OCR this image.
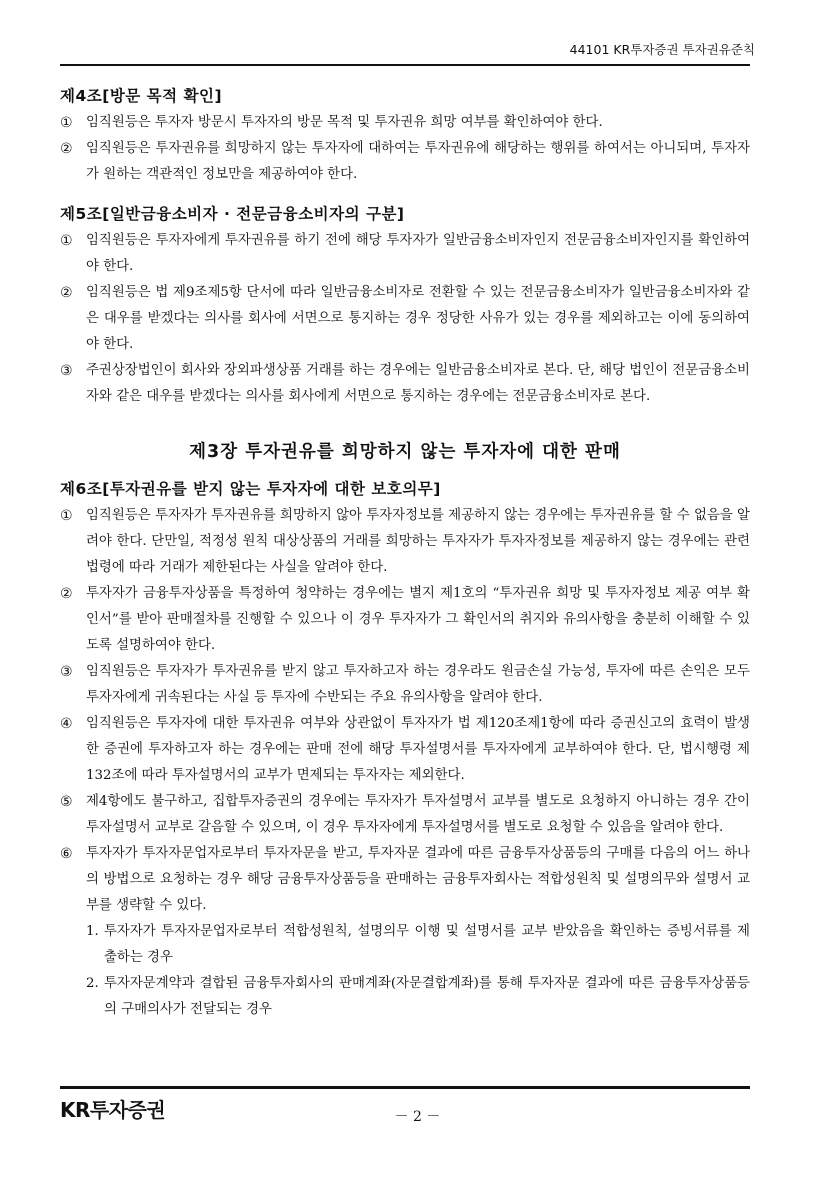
44101 KR투자증권 투자권유준칙
제4조[방문 목적 확인]

① 임직원등은 투자자 방문시 투자자의 방문 목적 및 투자권유 희망 여부를 확인하여야 한다.

② 임직원등은 투자권유를 희망하지 않는 투자자에 대하여는 투자권유에 해당하는 행위를 하여서는 아니되며, 투자자가 원하는 객관적인 정보만을 제공하여야 한다.

제5조[일반금융소비자 · 전문금융소비자의 구분]

① 임직원등은 투자자에게 투자권유를 하기 전에 해당 투자자가 일반금융소비자인지 전문금융소비자인지를 확인하여야 한다.

② 임직원등은 법 제9조제5항 단서에 따라 일반금융소비자로 전환할 수 있는 전문금융소비자가 일반금융소비자와 같은 대우를 받겠다는 의사를 회사에 서면으로 통지하는 경우 정당한 사유가 있는 경우를 제외하고는 이에 동의하여야 한다.

③ 주권상장법인이 회사와 장외파생상품 거래를 하는 경우에는 일반금융소비자로 본다. 단, 해당 법인이 전문금융소비자와 같은 대우를 받겠다는 의사를 회사에게 서면으로 통지하는 경우에는 전문금융소비자로 본다.

제3장 투자권유를 희망하지 않는 투자자에 대한 판매
제6조[투자권유를 받지 않는 투자자에 대한 보호의무]

① 임직원등은 투자자가 투자권유를 희망하지 않아 투자자정보를 제공하지 않는 경우에는 투자권유를 할 수 없음을 알려야 한다. 단만일, 적정성 원칙 대상상품의 거래를 희망하는 투자자가 투자자정보를 제공하지 않는 경우에는 관련법령에 따라 거래가 제한된다는 사실을 알려야 한다.

② 투자자가 금융투자상품을 특정하여 청약하는 경우에는 별지 제1호의 “투자권유 희망 및 투자자정보 제공 여부 확인서”를 받아 판매절차를 진행할 수 있으나 이 경우 투자자가 그 확인서의 취지와 유의사항을 충분히 이해할 수 있도록 설명하여야 한다.

③ 임직원등은 투자자가 투자권유를 받지 않고 투자하고자 하는 경우라도 원금손실 가능성, 투자에 따른 손익은 모두 투자자에게 귀속된다는 사실 등 투자에 수반되는 주요 유의사항을 알려야 한다.

④ 임직원등은 투자자에 대한 투자권유 여부와 상관없이 투자자가 법 제120조제1항에 따라 증권신고의 효력이 발생한 증권에 투자하고자 하는 경우에는 판매 전에 해당 투자설명서를 투자자에게 교부하여야 한다. 단, 법시행령 제132조에 따라 투자설명서의 교부가 면제되는 투자자는 제외한다.

⑤ 제4항에도 불구하고, 집합투자증권의 경우에는 투자자가 투자설명서 교부를 별도로 요청하지 아니하는 경우 간이투자설명서 교부로 갈음할 수 있으며, 이 경우 투자자에게 투자설명서를 별도로 요청할 수 있음을 알려야 한다.

⑥ 투자자가 투자자문업자로부터 투자자문을 받고, 투자자문 결과에 따른 금융투자상품등의 구매를 다음의 어느 하나의 방법으로 요청하는 경우 해당 금융투자상품등을 판매하는 금융투자회사는 적합성원칙 및 설명의무와 설명서 교부를 생략할 수 있다.

1. 투자자가 투자자문업자로부터 적합성원칙, 설명의무 이행 및 설명서를 교부 받았음을 확인하는 증빙서류를 제출하는 경우

2. 투자자문계약과 결합된 금융투자회사의 판매계좌(자문결합계좌)를 통해 투자자문 결과에 따른 금융투자상품등의 구매의사가 전달되는 경우

KR투자증권	－ 2 －
